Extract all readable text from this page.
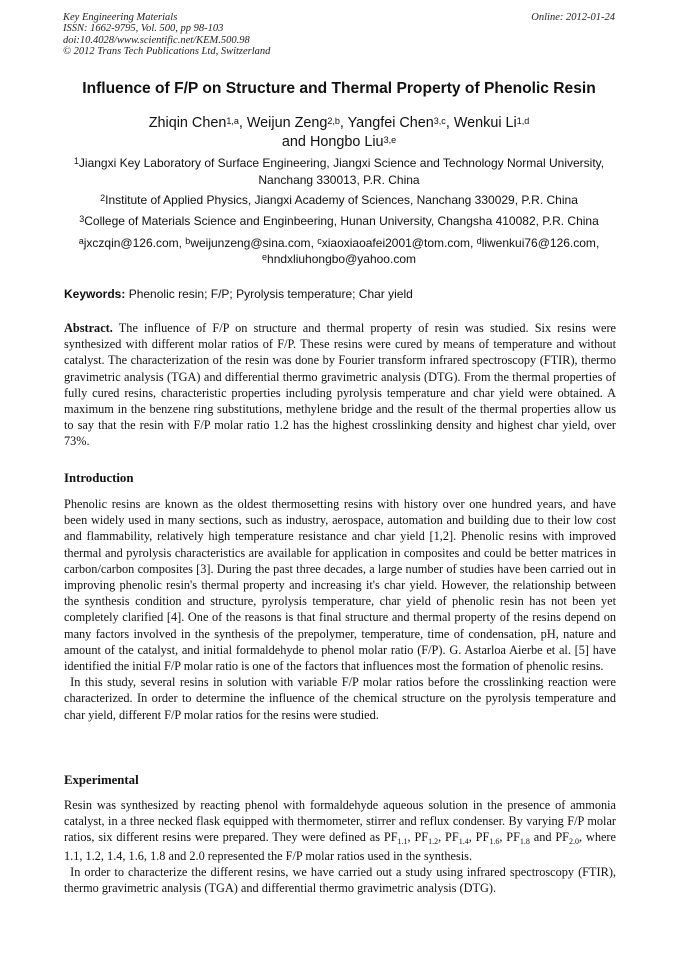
Key Engineering Materials
ISSN: 1662-9795, Vol. 500, pp 98-103
doi:10.4028/www.scientific.net/KEM.500.98
© 2012 Trans Tech Publications Ltd, Switzerland
Online: 2012-01-24
Influence of F/P on Structure and Thermal Property of Phenolic Resin
Zhiqin Chen$^{1,a}$, Weijun Zeng$^{2,b}$, Yangfei Chen$^{3,c}$, Wenkui Li$^{1,d}$
and Hongbo Liu$^{3,e}$
$^1$Jiangxi Key Laboratory of Surface Engineering, Jiangxi Science and Technology Normal University, Nanchang 330013, P.R. China
$^2$Institute of Applied Physics, Jiangxi Academy of Sciences, Nanchang 330029, P.R. China
$^3$College of Materials Science and Enginbeering, Hunan University, Changsha 410082, P.R. China
$^a$jxczqin@126.com, $^b$weijunzeng@sina.com, $^c$xiaoxiaoafei2001@tom.com, $^d$liwenkui76@126.com,
$^e$hndxliuhongbo@yahoo.com
Keywords: Phenolic resin; F/P; Pyrolysis temperature; Char yield
Abstract. The influence of F/P on structure and thermal property of resin was studied. Six resins were synthesized with different molar ratios of F/P. These resins were cured by means of temperature and without catalyst. The characterization of the resin was done by Fourier transform infrared spectroscopy (FTIR), thermo gravimetric analysis (TGA) and differential thermo gravimetric analysis (DTG). From the thermal properties of fully cured resins, characteristic properties including pyrolysis temperature and char yield were obtained. A maximum in the benzene ring substitutions, methylene bridge and the result of the thermal properties allow us to say that the resin with F/P molar ratio 1.2 has the highest crosslinking density and highest char yield, over 73%.
Introduction
Phenolic resins are known as the oldest thermosetting resins with history over one hundred years, and have been widely used in many sections, such as industry, aerospace, automation and building due to their low cost and flammability, relatively high temperature resistance and char yield [1,2]. Phenolic resins with improved thermal and pyrolysis characteristics are available for application in composites and could be better matrices in carbon/carbon composites [3]. During the past three decades, a large number of studies have been carried out in improving phenolic resin's thermal property and increasing it's char yield. However, the relationship between the synthesis condition and structure, pyrolysis temperature, char yield of phenolic resin has not been yet completely clarified [4]. One of the reasons is that final structure and thermal property of the resins depend on many factors involved in the synthesis of the prepolymer, temperature, time of condensation, pH, nature and amount of the catalyst, and initial formaldehyde to phenol molar ratio (F/P). G. Astarloa Aierbe et al. [5] have identified the initial F/P molar ratio is one of the factors that influences most the formation of phenolic resins.
In this study, several resins in solution with variable F/P molar ratios before the crosslinking reaction were characterized. In order to determine the influence of the chemical structure on the pyrolysis temperature and char yield, different F/P molar ratios for the resins were studied.
Experimental
Resin was synthesized by reacting phenol with formaldehyde aqueous solution in the presence of ammonia catalyst, in a three necked flask equipped with thermometer, stirrer and reflux condenser. By varying F/P molar ratios, six different resins were prepared. They were defined as $PF_{1.1}$, $PF_{1.2}$, $PF_{1.4}$, $PF_{1.6}$, $PF_{1.8}$ and $PF_{2.0}$, where 1.1, 1.2, 1.4, 1.6, 1.8 and 2.0 represented the F/P molar ratios used in the synthesis.
In order to characterize the different resins, we have carried out a study using infrared spectroscopy (FTIR), thermo gravimetric analysis (TGA) and differential thermo gravimetric analysis (DTG).
